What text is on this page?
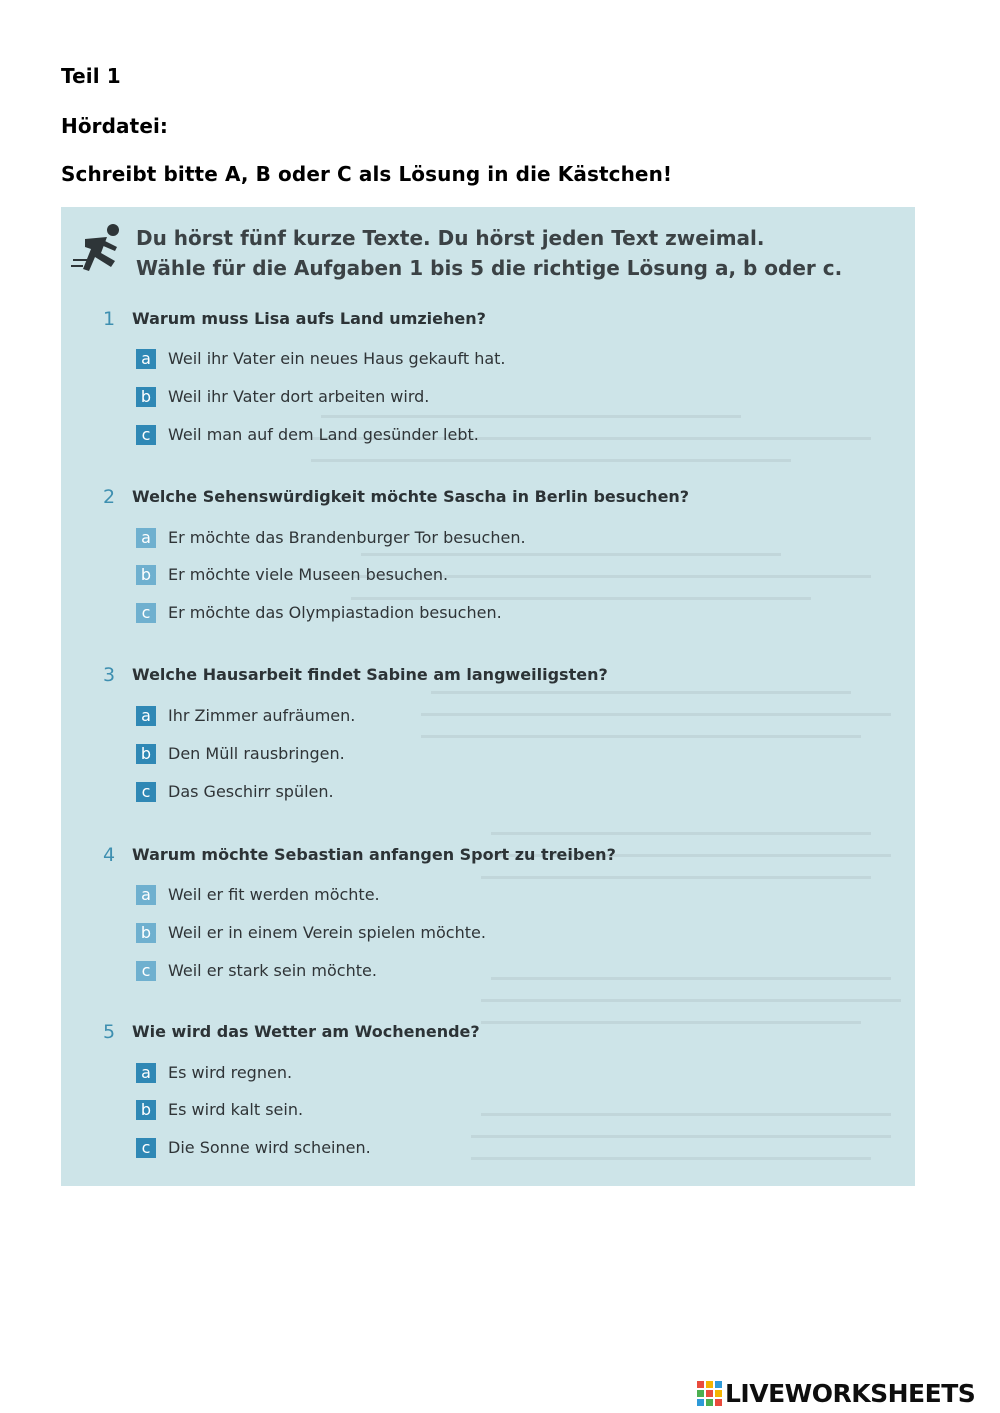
Teil 1
Hördatei:
Schreibt bitte A, B oder C als Lösung in die Kästchen!
Du hörst fünf kurze Texte. Du hörst jeden Text zweimal.
Wähle für die Aufgaben 1 bis 5 die richtige Lösung a, b oder c.
1 Warum muss Lisa aufs Land umziehen?
a	Weil ihr Vater ein neues Haus gekauft hat.
b	Weil ihr Vater dort arbeiten wird.
c	Weil man auf dem Land gesünder lebt.
2 Welche Sehenswürdigkeit möchte Sascha in Berlin besuchen?
a	Er möchte das Brandenburger Tor besuchen.
b	Er möchte viele Museen besuchen.
c	Er möchte das Olympiastadion besuchen.
3 Welche Hausarbeit findet Sabine am langweiligsten?
a	Ihr Zimmer aufräumen.
b	Den Müll rausbringen.
c	Das Geschirr spülen.
4 Warum möchte Sebastian anfangen Sport zu treiben?
a	Weil er fit werden möchte.
b	Weil er in einem Verein spielen möchte.
c	Weil er stark sein möchte.
5 Wie wird das Wetter am Wochenende?
a	Es wird regnen.
b	Es wird kalt sein.
c	Die Sonne wird scheinen.
LIVEWORKSHEETS
